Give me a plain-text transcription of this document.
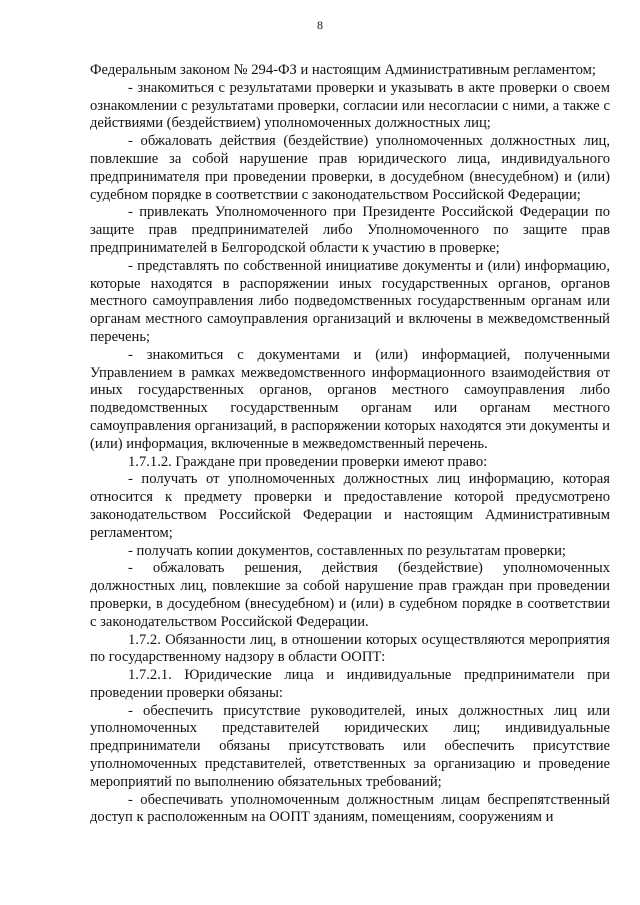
8

Федеральным законом № 294-ФЗ и настоящим Административным регламентом;

- знакомиться с результатами проверки и указывать в акте проверки о своем ознакомлении с результатами проверки, согласии или несогласии с ними, а также с действиями (бездействием) уполномоченных должностных лиц;

- обжаловать действия (бездействие) уполномоченных должностных лиц, повлекшие за собой нарушение прав юридического лица, индивидуального предпринимателя при проведении проверки, в досудебном (внесудебном) и (или) судебном порядке в соответствии с законодательством Российской Федерации;

- привлекать Уполномоченного при Президенте Российской Федерации по защите прав предпринимателей либо Уполномоченного по защите прав предпринимателей в Белгородской области к участию в проверке;

- представлять по собственной инициативе документы и (или) информацию, которые находятся в распоряжении иных государственных органов, органов местного самоуправления либо подведомственных государственным органам или органам местного самоуправления организаций и включены в межведомственный перечень;

- знакомиться с документами и (или) информацией, полученными Управлением в рамках межведомственного информационного взаимодействия от иных государственных органов, органов местного самоуправления либо подведомственных государственным органам или органам местного самоуправления организаций, в распоряжении которых находятся эти документы и (или) информация, включенные в межведомственный перечень.

1.7.1.2. Граждане при проведении проверки имеют право:

- получать от уполномоченных должностных лиц информацию, которая относится к предмету проверки и предоставление которой предусмотрено законодательством Российской Федерации и настоящим Административным регламентом;

- получать копии документов, составленных по результатам проверки;

- обжаловать решения, действия (бездействие) уполномоченных должностных лиц, повлекшие за собой нарушение прав граждан при проведении проверки, в досудебном (внесудебном) и (или) в судебном порядке в соответствии с законодательством Российской Федерации.

1.7.2. Обязанности лиц, в отношении которых осуществляются мероприятия по государственному надзору в области ООПТ:

1.7.2.1. Юридические лица и индивидуальные предприниматели при проведении проверки обязаны:

- обеспечить присутствие руководителей, иных должностных лиц или уполномоченных представителей юридических лиц; индивидуальные предприниматели обязаны присутствовать или обеспечить присутствие уполномоченных представителей, ответственных за организацию и проведение мероприятий по выполнению обязательных требований;

- обеспечивать уполномоченным должностным лицам беспрепятственный доступ к расположенным на ООПТ зданиям, помещениям, сооружениям и
